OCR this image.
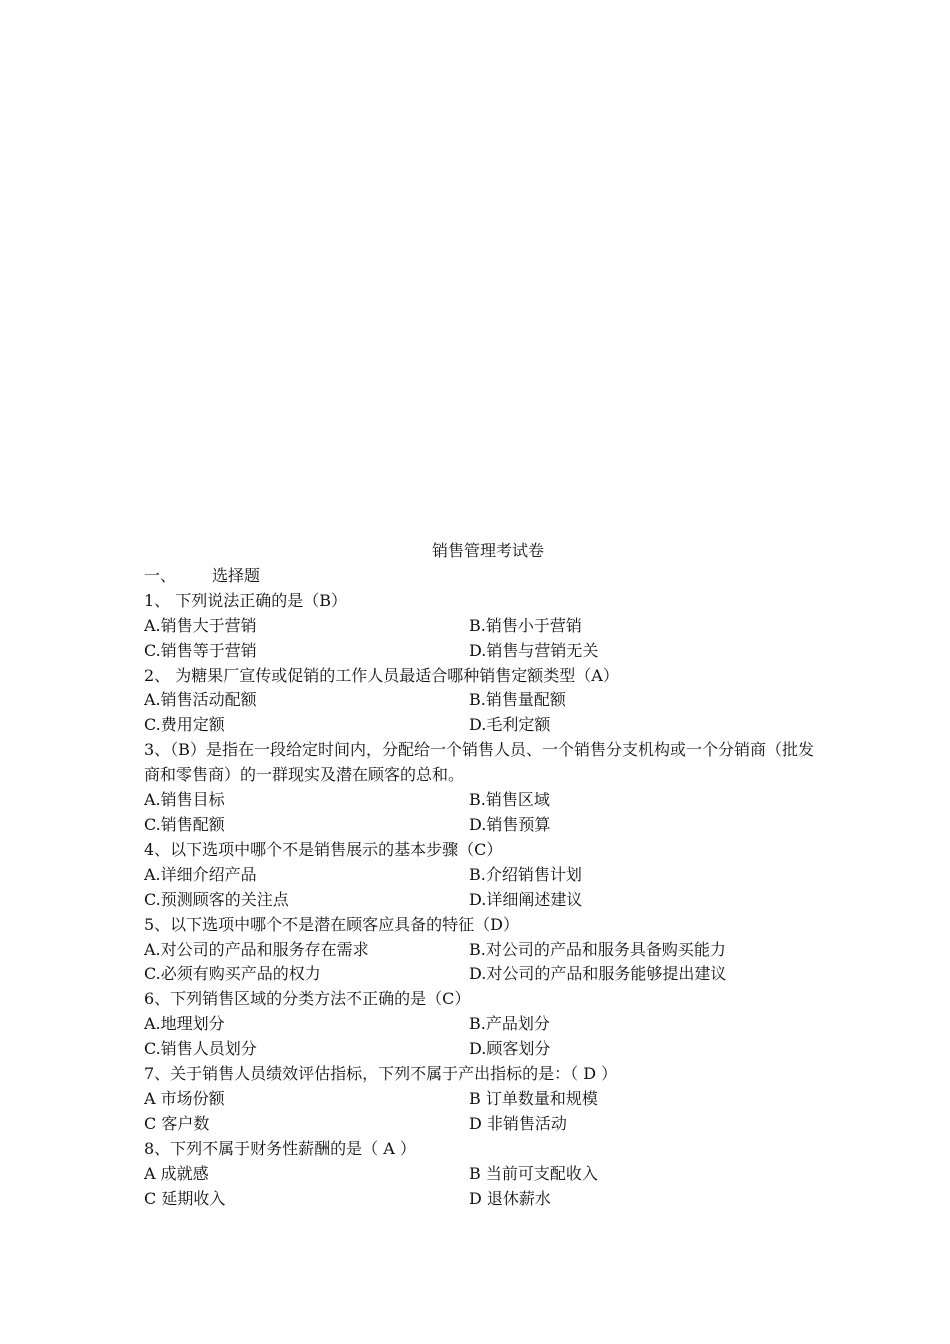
销售管理考试卷
一、	选择题
1、 下列说法正确的是（B）
A.销售大于营销	B.销售小于营销
C.销售等于营销	D.销售与营销无关
2、 为糖果厂宣传或促销的工作人员最适合哪种销售定额类型（A）
A.销售活动配额	B.销售量配额
C.费用定额	D.毛利定额
3、（B）是指在一段给定时间内，分配给一个销售人员、一个销售分支机构或一个分销商（批发商和零售商）的一群现实及潜在顾客的总和。
A.销售目标	B.销售区域
C.销售配额	D.销售预算
4、以下选项中哪个不是销售展示的基本步骤（C）
A.详细介绍产品	B.介绍销售计划
C.预测顾客的关注点	D.详细阐述建议
5、以下选项中哪个不是潜在顾客应具备的特征（D）
A.对公司的产品和服务存在需求	B.对公司的产品和服务具备购买能力
C.必须有购买产品的权力	D.对公司的产品和服务能够提出建议
6、下列销售区域的分类方法不正确的是（C）
A.地理划分	B.产品划分
C.销售人员划分	D.顾客划分
7、关于销售人员绩效评估指标，下列不属于产出指标的是：（ D ）
A 市场份额	B 订单数量和规模
C 客户数	D 非销售活动
8、下列不属于财务性薪酬的是（ A ）
A 成就感	B 当前可支配收入
C 延期收入	D 退休薪水
